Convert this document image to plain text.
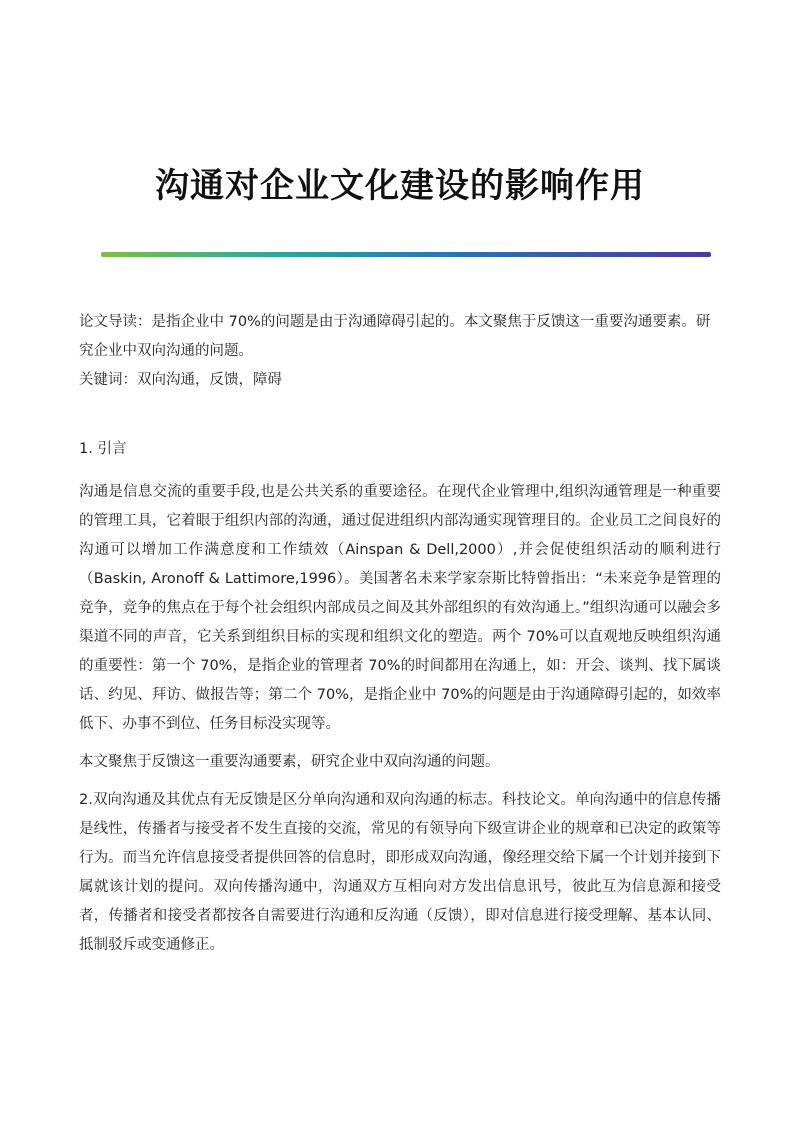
沟通对企业文化建设的影响作用

论文导读：是指企业中 70%的问题是由于沟通障碍引起的。本文聚焦于反馈这一重要沟通要素。研究企业中双向沟通的问题。

关键词：双向沟通，反馈，障碍

1. 引言

沟通是信息交流的重要手段,也是公共关系的重要途径。在现代企业管理中,组织沟通管理是一种重要的管理工具，它着眼于组织内部的沟通，通过促进组织内部沟通实现管理目的。企业员工之间良好的沟通可以增加工作满意度和工作绩效（Ainspan & Dell,2000）,并会促使组织活动的顺利进行（Baskin, Aronoff & Lattimore,1996）。美国著名未来学家奈斯比特曾指出：“未来竞争是管理的竞争，竞争的焦点在于每个社会组织内部成员之间及其外部组织的有效沟通上。”组织沟通可以融会多渠道不同的声音，它关系到组织目标的实现和组织文化的塑造。两个 70%可以直观地反映组织沟通的重要性：第一个 70%，是指企业的管理者 70%的时间都用在沟通上，如：开会、谈判、找下属谈话、约见、拜访、做报告等；第二个 70%，是指企业中 70%的问题是由于沟通障碍引起的，如效率低下、办事不到位、任务目标没实现等。

本文聚焦于反馈这一重要沟通要素，研究企业中双向沟通的问题。

2.双向沟通及其优点有无反馈是区分单向沟通和双向沟通的标志。科技论文。单向沟通中的信息传播是线性，传播者与接受者不发生直接的交流，常见的有领导向下级宣讲企业的规章和已决定的政策等行为。而当允许信息接受者提供回答的信息时，即形成双向沟通，像经理交给下属一个计划并接到下属就该计划的提问。双向传播沟通中，沟通双方互相向对方发出信息讯号，彼此互为信息源和接受者，传播者和接受者都按各自需要进行沟通和反沟通（反馈），即对信息进行接受理解、基本认同、抵制驳斥或变通修正。
